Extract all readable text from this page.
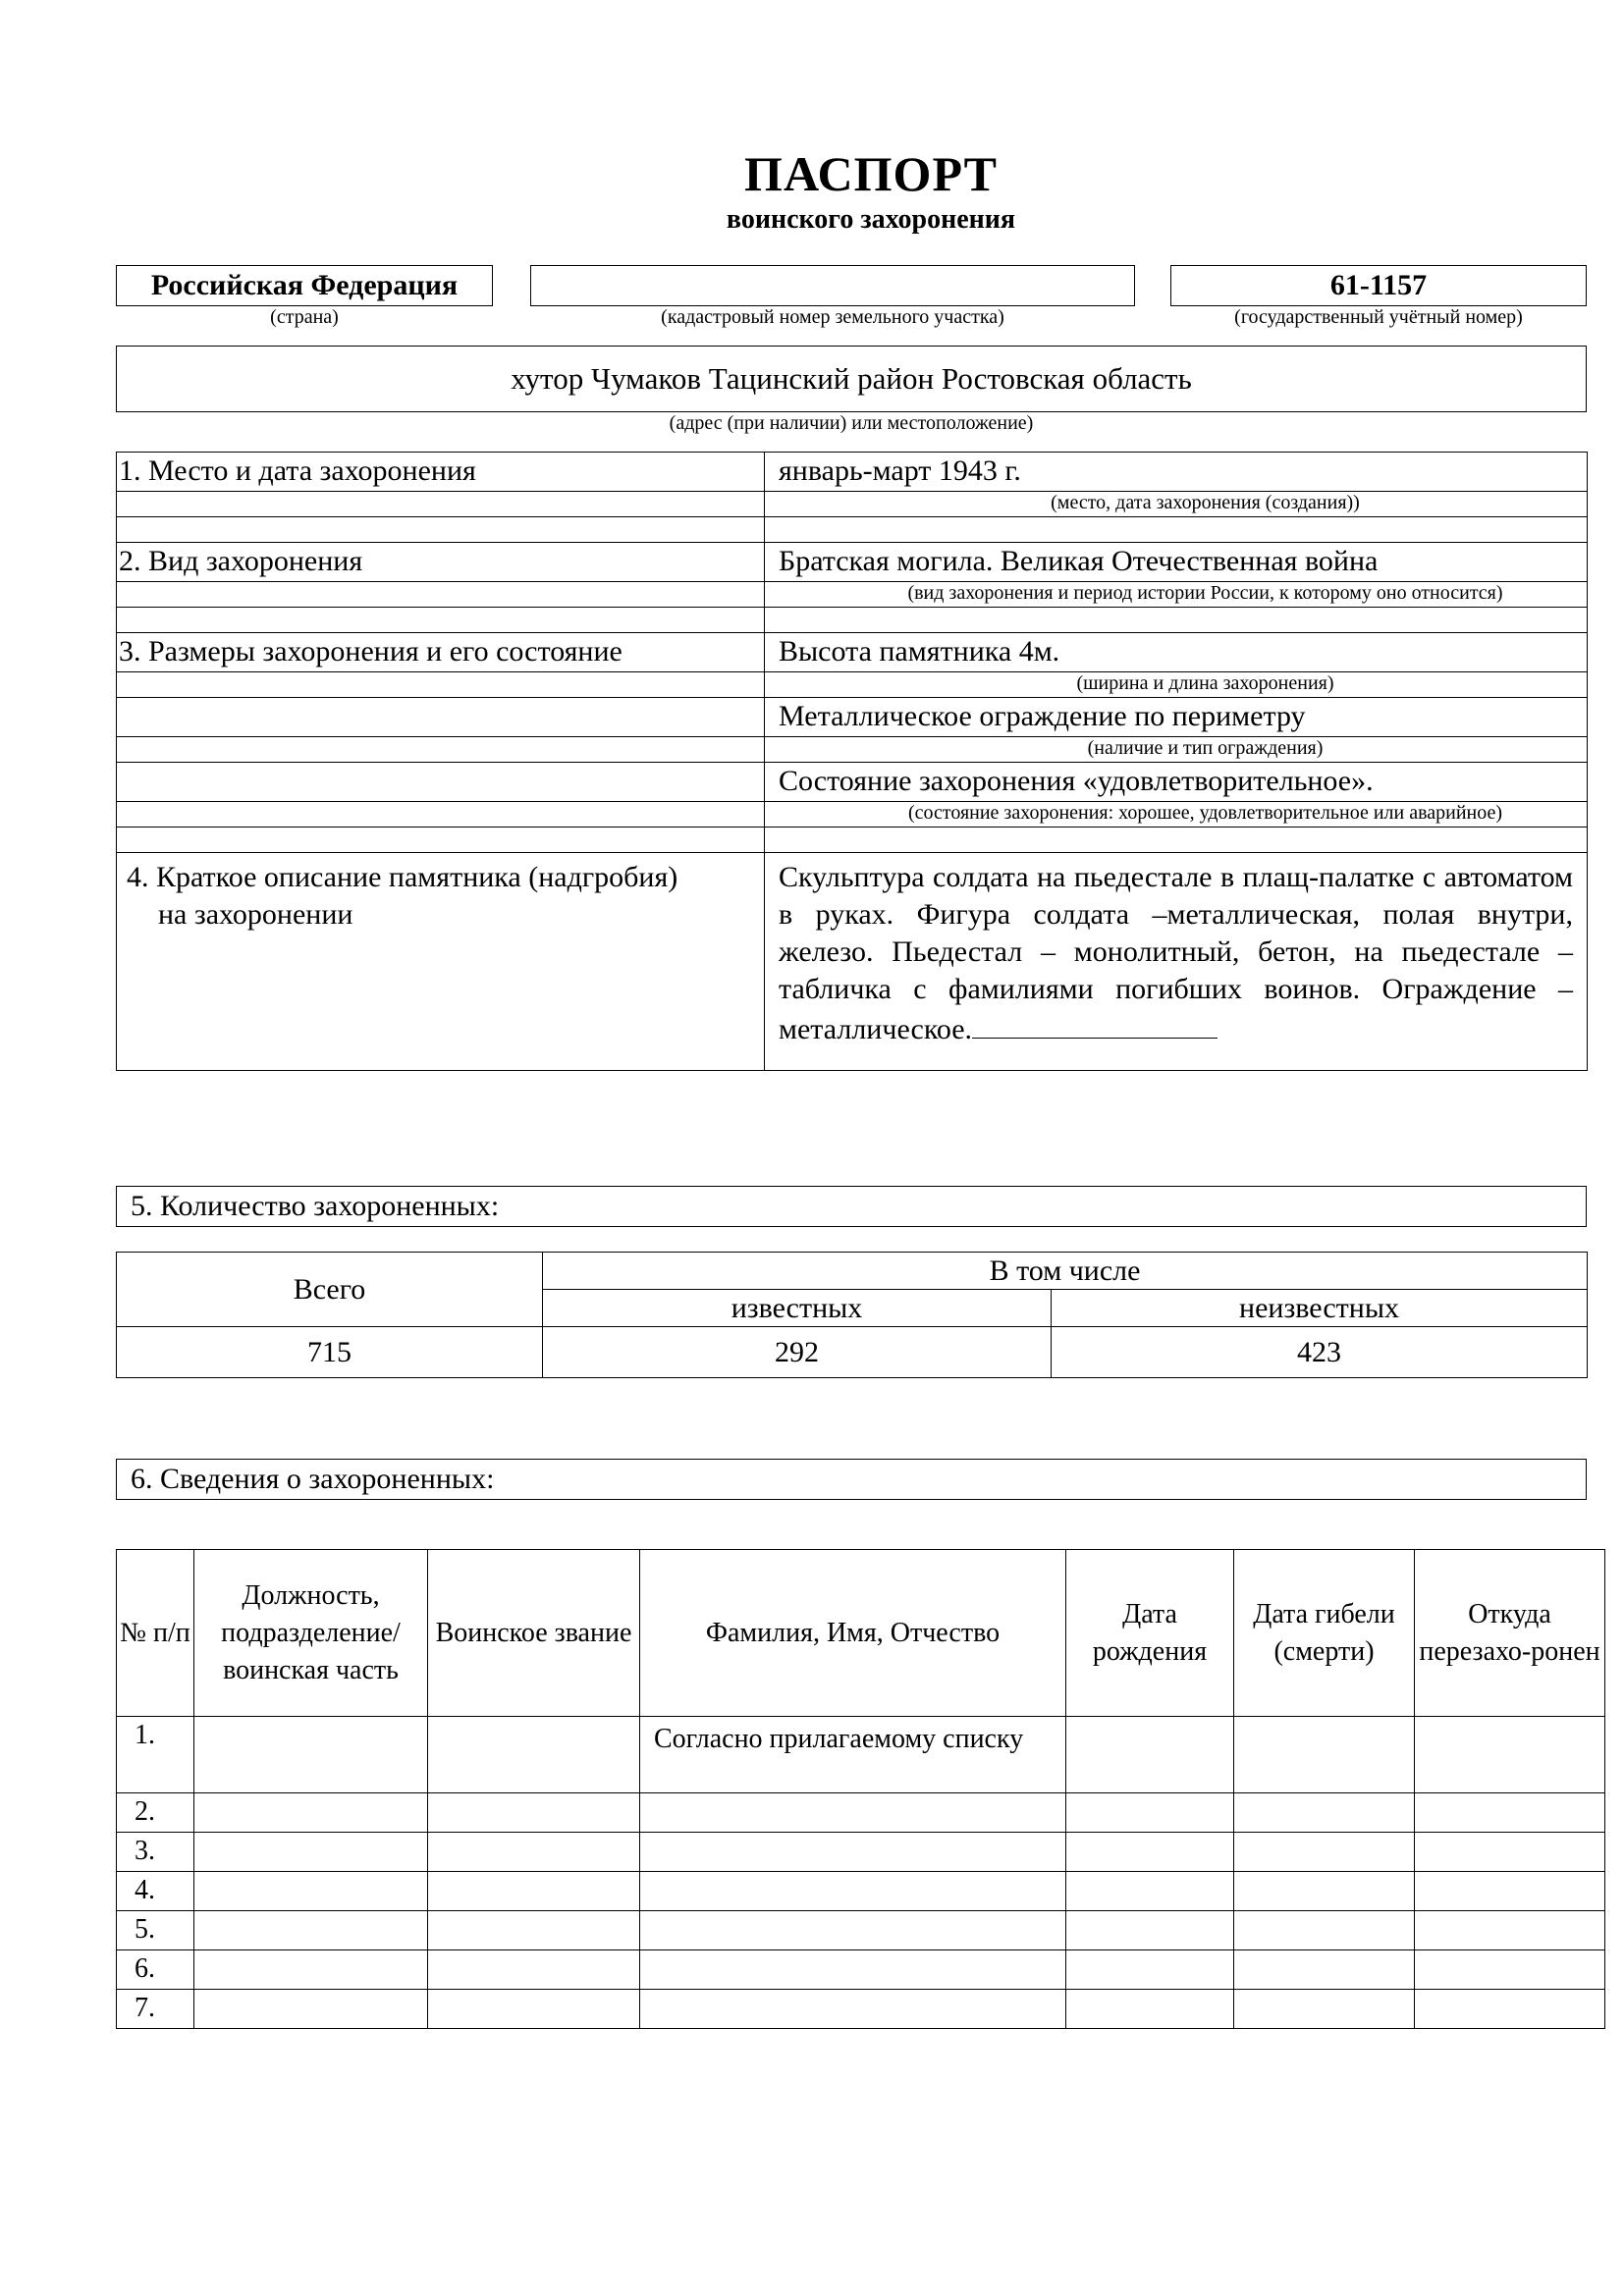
ПАСПОРТ
воинского захоронения
Российская Федерация
(страна)	(кадастровый номер земельного участка)
61-1157
(государственный учётный номер)
хутор Чумаков Тацинский район Ростовская область
(адрес (при наличии) или местоположение)
1. Место и дата захоронения	январь-март 1943 г.
	(место, дата захоронения (создания))

2. Вид захоронения	Братская могила. Великая Отечественная война
	(вид захоронения и период истории России, к которому оно относится)

3. Размеры захоронения и его состояние	Высота памятника 4м.
	(ширина и длина захоронения)
	Металлическое ограждение по периметру
	(наличие и тип ограждения)
	Состояние захоронения «удовлетворительное».
	(состояние захоронения: хорошее, удовлетворительное или аварийное)

4. Краткое описание памятника (надгробия)
на захоронении	Скульптура солдата на пьедестале в плащ-палатке с автоматом в руках. Фигура солдата –металлическая, полая внутри, железо. Пьедестал – монолитный, бетон, на пьедестале – табличка с фамилиями погибших воинов. Ограждение – металлическое.
5. Количество захороненных:
Всего	В том числе	
	известных	неизвестных
715	292	423
6. Сведения о захороненных:
№ п/п	Должность, подразделение/ воинская часть	Воинское звание	Фамилия, Имя, Отчество	Дата рождения	Дата гибели (смерти)	Откуда перезахо-ронен
1.			Согласно прилагаемому списку			
2.						
3.						
4.						
5.						
6.						
7.						
